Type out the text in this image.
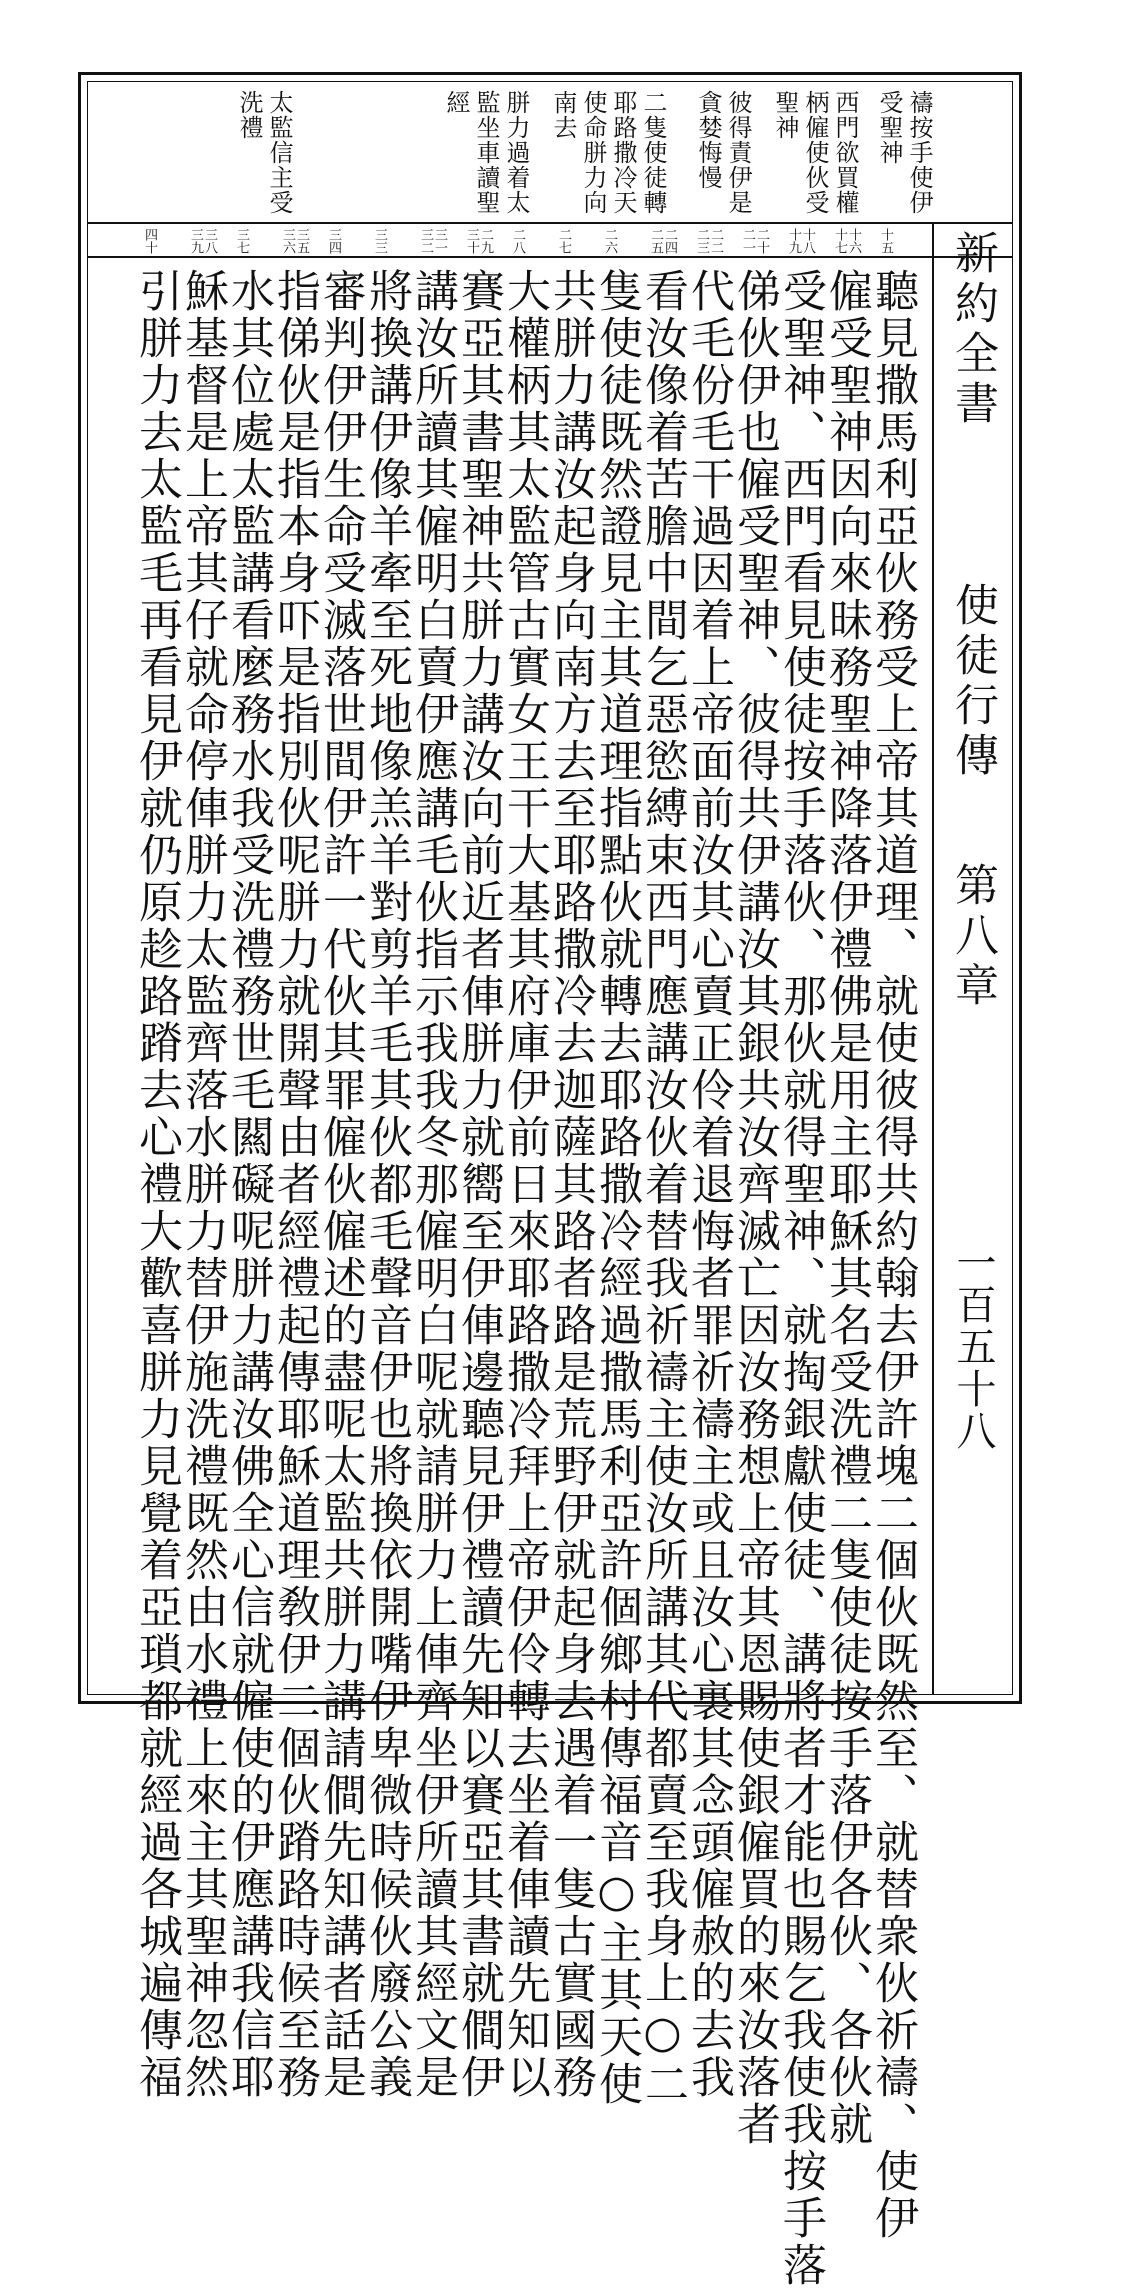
禱按手使伊受聖神
西門欲買權柄僱使伙受聖神
彼得責伊是貪婪悔慢
二隻使徒轉耶路撒冷天使命胼力向南去
胼力過着太監坐車讀聖經
太監信主受洗禮
十五
十六十七
十八十九
二十二一
二二二三
二四二五
二六
二七
二八
二九三十
三一三二
三三
三四
三五三六
三七
三八三九
四十	新約全書
使徒行傳
第八章
一百五十八
聽見撒馬利亞伙務受上帝其道理、就使彼得共約翰去伊許塊二個伙既然至、就替衆伙祈禱、使伊
僱受聖神因向來昧務聖神降落伊禮佛是用主耶穌其名受洗禮二隻使徒按手落伊各伙、各伙就
受聖神、西門看見使徒按手落伙、那伙就得聖神、就掏銀獻使徒、講將者才能也賜乞我使我按手落
俤伙伊也僱受聖神、彼得共伊講汝其銀共汝齊滅亡因汝務想上帝其恩賜使銀僱買的來汝落者
代毛份毛干過因着上帝面前汝其心賣正伶着退悔者罪祈禱主或且汝心裏其念頭僱赦的去我
看汝像着苦膽中間乞惡慾縛束西門應講汝伙着替我祈禱主使汝所講其代都賣至我身上○二
隻使徒既然證見主其道理指點伙就轉去耶路撒冷經過撒馬利亞許個鄉村傳福音○主其天使
共胼力講汝起身向南方去至耶路撒冷去迦薩其路者路是荒野伊就起身去遇着一隻古實國務
大權柄其太監管古實女王干大基其府庫伊前日來耶路撒冷拜上帝伊伶轉去坐着俥讀先知以
賽亞其書聖神共胼力講汝向前近者俥胼力就嚮至伊俥邊聽見伊禮讀先知以賽亞其書就僴伊
講汝所讀其僱明白賣伊應講毛伙指示我我冬那僱明白呢就請胼力上俥齊坐伊所讀其經文是
將換講伊像羊牽至死地像羔羊對剪羊毛其伙都毛聲音伊也將換依開嘴伊卑微時候伙廢公義
審判伊伊生命受滅落世間伊許一代伙其罪僱伙僱述的盡呢太監共胼力講請僴先知講者話是
指俤伙是指本身吓是指別伙呢胼力就開聲由者經禮起傳耶穌道理敎伊二個伙蹐路時候至務
水其位處太監講看麼務水我受洗禮務世毛闗礙呢胼力講汝佛全心信就僱使的伊應講我信耶
穌基督是上帝其仔就命停俥胼力太監齊落水胼力替伊施洗禮既然由水禮上來主其聖神忽然
引胼力去太監毛再看見伊就仍原趁路蹐去心禮大歡喜胼力見覺着亞瑣都就經過各城遍傳福
